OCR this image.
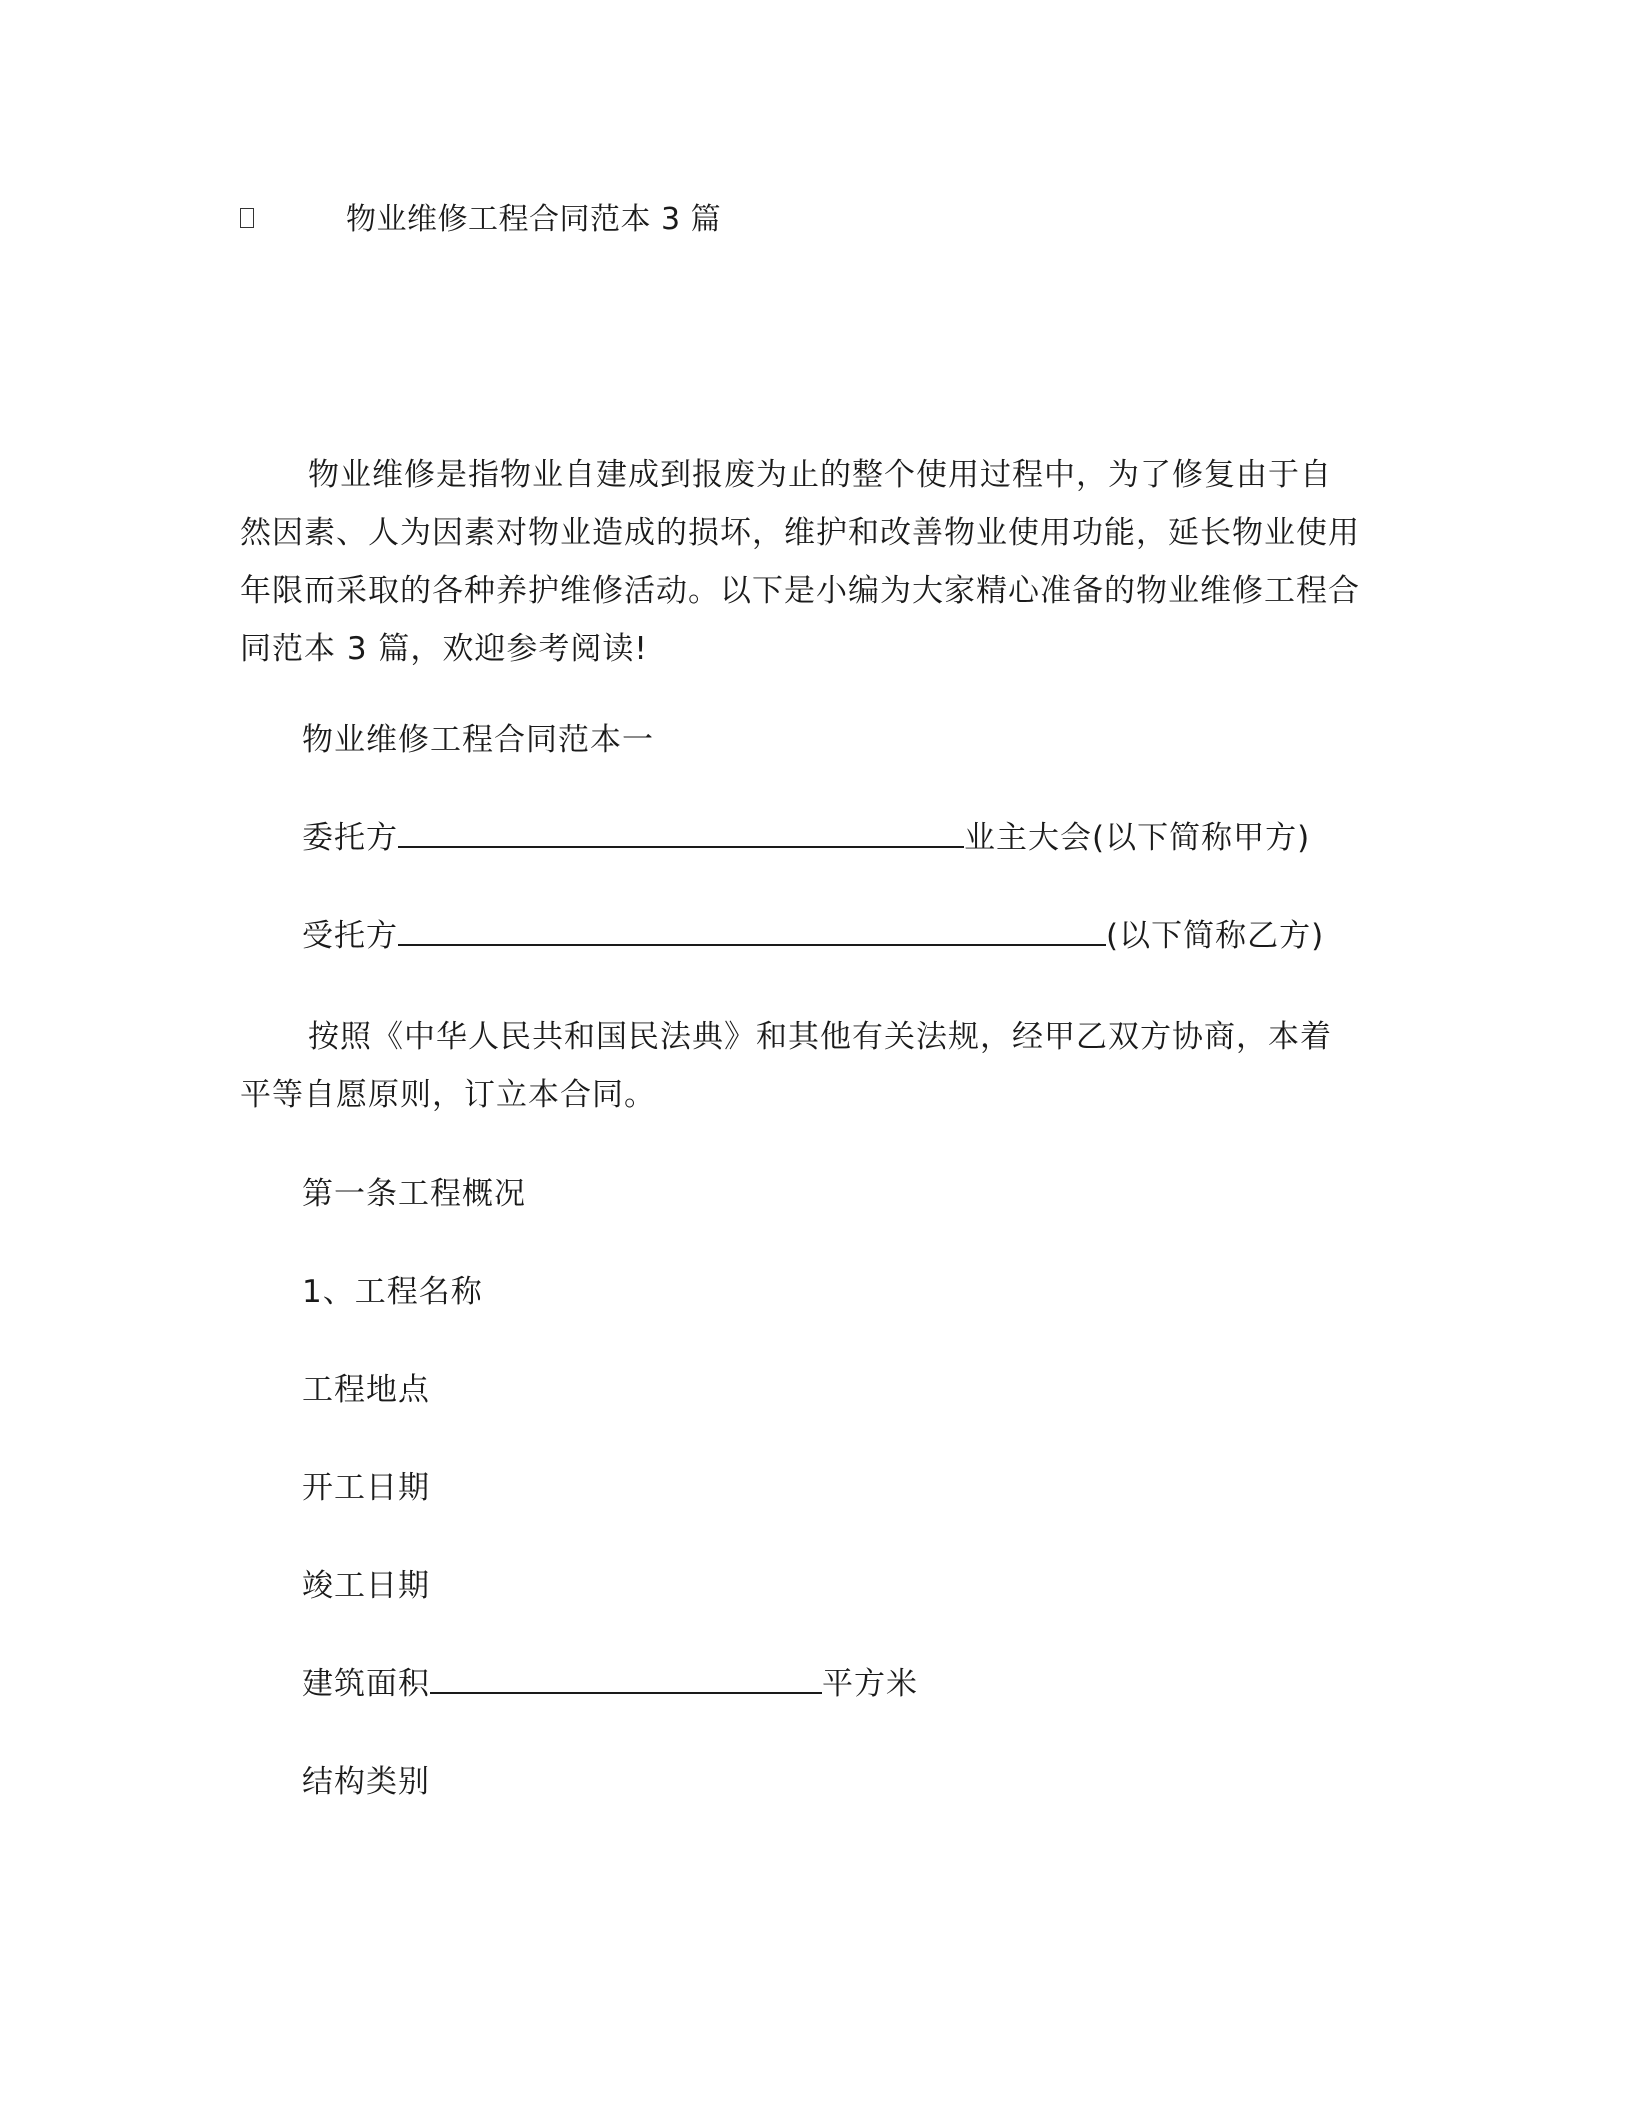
物业维修工程合同范本 3 篇

物业维修是指物业自建成到报废为止的整个使用过程中，为了修复由于自然因素、人为因素对物业造成的损坏，维护和改善物业使用功能，延长物业使用年限而采取的各种养护维修活动。以下是小编为大家精心准备的物业维修工程合同范本 3 篇，欢迎参考阅读!

物业维修工程合同范本一

委托方	业主大会(以下简称甲方)

受托方	(以下简称乙方)

按照《中华人民共和国民法典》和其他有关法规，经甲乙双方协商，本着平等自愿原则，订立本合同。

第一条工程概况

1、工程名称

工程地点

开工日期

竣工日期

建筑面积	平方米

结构类别
